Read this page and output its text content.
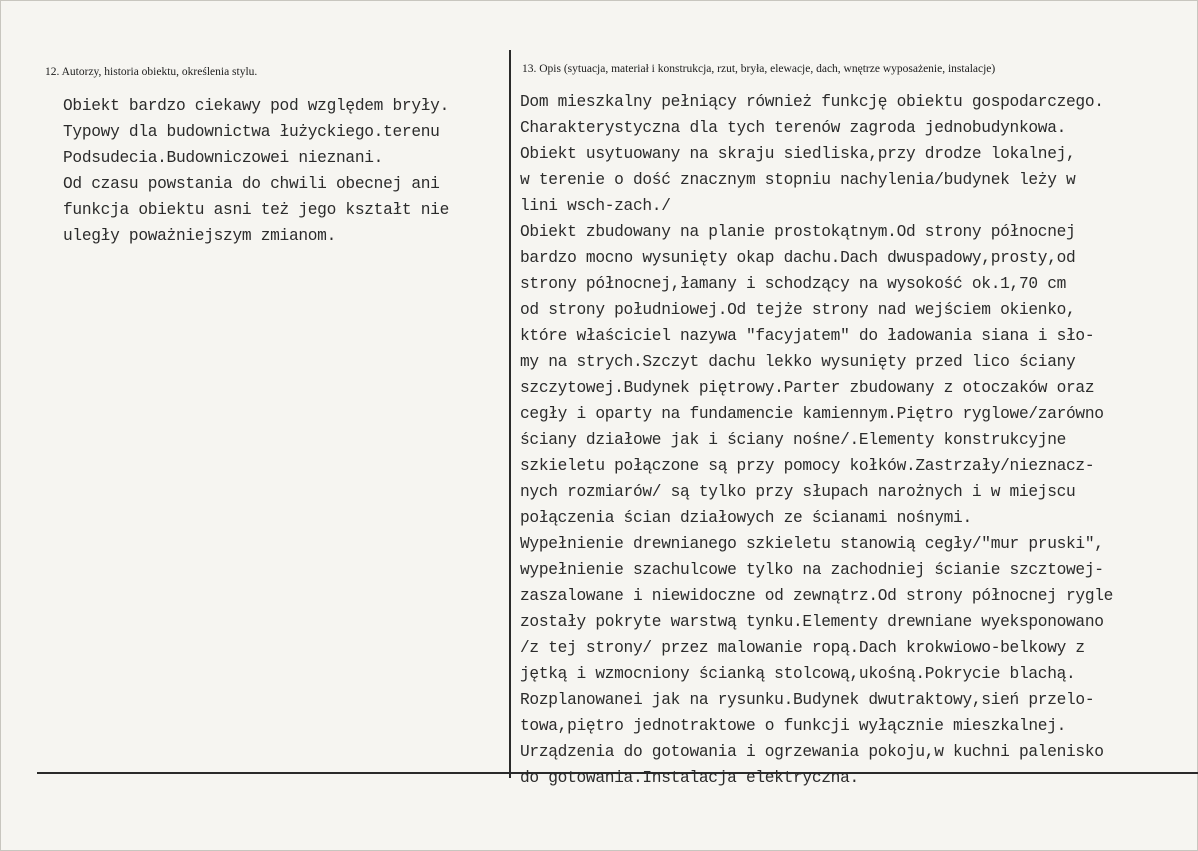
12. Autorzy, historia obiektu, określenia stylu.	13. Opis (sytuacja, materiał i konstrukcja, rzut, bryła, elewacje, dach, wnętrze wyposażenie, instalacje)
Obiekt bardzo ciekawy pod względem bryły.
Typowy dla budownictwa łużyckiego.terenu
Podsudecia.Budowniczowei nieznani.
Od czasu powstania do chwili obecnej ani
funkcja obiektu asni też jego kształt nie
uległy poważniejszym zmianom.
Dom mieszkalny pełniący również funkcję obiektu gospodarczego.
Charakterystyczna dla tych terenów zagroda jednobudynkowa.
Obiekt usytuowany na skraju siedliska,przy drodze lokalnej,
w terenie o dość znacznym stopniu nachylenia/budynek leży w
lini wsch-zach./
Obiekt zbudowany na planie prostokątnym.Od strony północnej
bardzo mocno wysunięty okap dachu.Dach dwuspadowy,prosty,od
strony północnej,łamany i schodzący na wysokość ok.1,70 cm
od strony południowej.Od tejże strony nad wejściem okienko,
które właściciel nazywa "facyjatem" do ładowania siana i sło-
my na strych.Szczyt dachu lekko wysunięty przed lico ściany
szczytowej.Budynek piętrowy.Parter zbudowany z otoczaków oraz
cegły i oparty na fundamencie kamiennym.Piętro ryglowe/zarówno
ściany działowe jak i ściany nośne/.Elementy konstrukcyjne
szkieletu połączone są przy pomocy kołków.Zastrzały/nieznacz-
nych rozmiarów/ są tylko przy słupach narożnych i w miejscu
połączenia ścian działowych ze ścianami nośnymi.
Wypełnienie drewnianego szkieletu stanowią cegły/"mur pruski",
wypełnienie szachulcowe tylko na zachodniej ścianie szcztowej-
zaszalowane i niewidoczne od zewnątrz.Od strony północnej rygle
zostały pokryte warstwą tynku.Elementy drewniane wyeksponowano
/z tej strony/ przez malowanie ropą.Dach krokwiowo-belkowy z
jętką i wzmocniony ścianką stolcową,ukośną.Pokrycie blachą.
Rozplanowanei jak na rysunku.Budynek dwutraktowy,sień przelo-
towa,piętro jednotraktowe o funkcji wyłącznie mieszkalnej.
Urządzenia do gotowania i ogrzewania pokoju,w kuchni palenisko
do gotowania.Instalacja elektryczna.
